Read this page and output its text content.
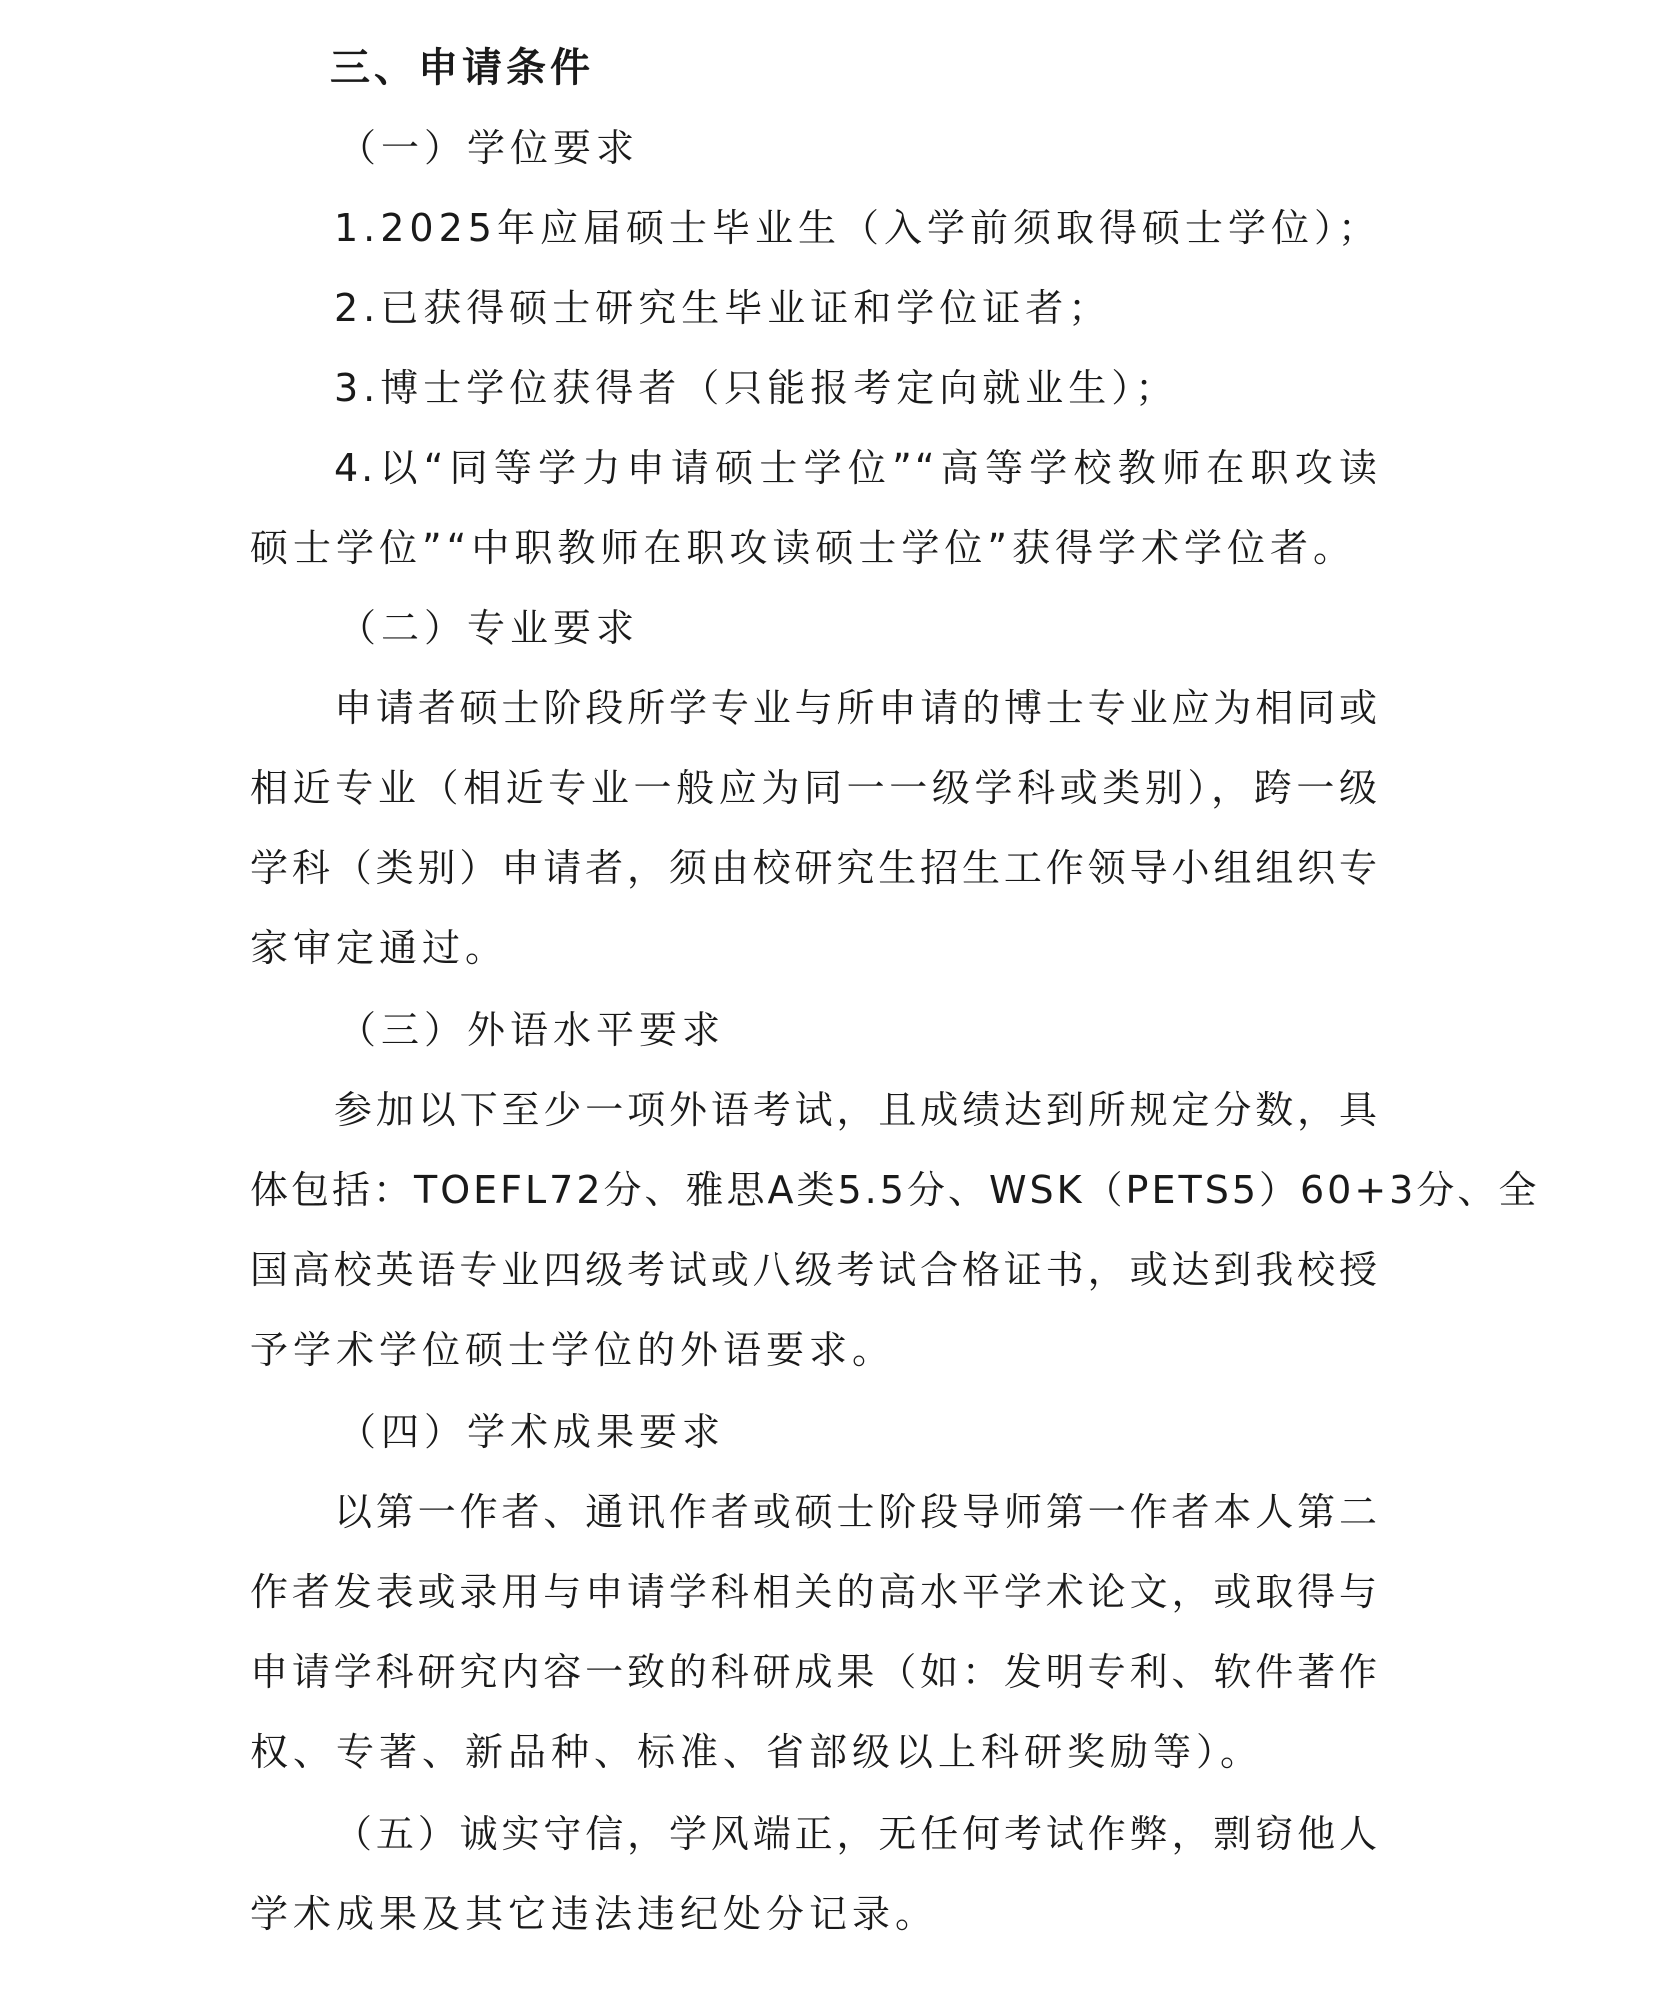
三、申请条件
（一）学位要求
1.2025年应届硕士毕业生（入学前须取得硕士学位）；
2.已获得硕士研究生毕业证和学位证者；
3.博士学位获得者（只能报考定向就业生）；
4.以“同等学力申请硕士学位”“高等学校教师在职攻读
硕士学位”“中职教师在职攻读硕士学位”获得学术学位者。
（二）专业要求
申请者硕士阶段所学专业与所申请的博士专业应为相同或
相近专业（相近专业一般应为同一一级学科或类别），跨一级
学科（类别）申请者，须由校研究生招生工作领导小组组织专
家审定通过。
（三）外语水平要求
参加以下至少一项外语考试，且成绩达到所规定分数，具
体包括：TOEFL72分、雅思A类5.5分、WSK（PETS5）60+3分、全
国高校英语专业四级考试或八级考试合格证书，或达到我校授
予学术学位硕士学位的外语要求。
（四）学术成果要求
以第一作者、通讯作者或硕士阶段导师第一作者本人第二
作者发表或录用与申请学科相关的高水平学术论文，或取得与
申请学科研究内容一致的科研成果（如：发明专利、软件著作
权、专著、新品种、标准、省部级以上科研奖励等）。
（五）诚实守信，学风端正，无任何考试作弊，剽窃他人
学术成果及其它违法违纪处分记录。
